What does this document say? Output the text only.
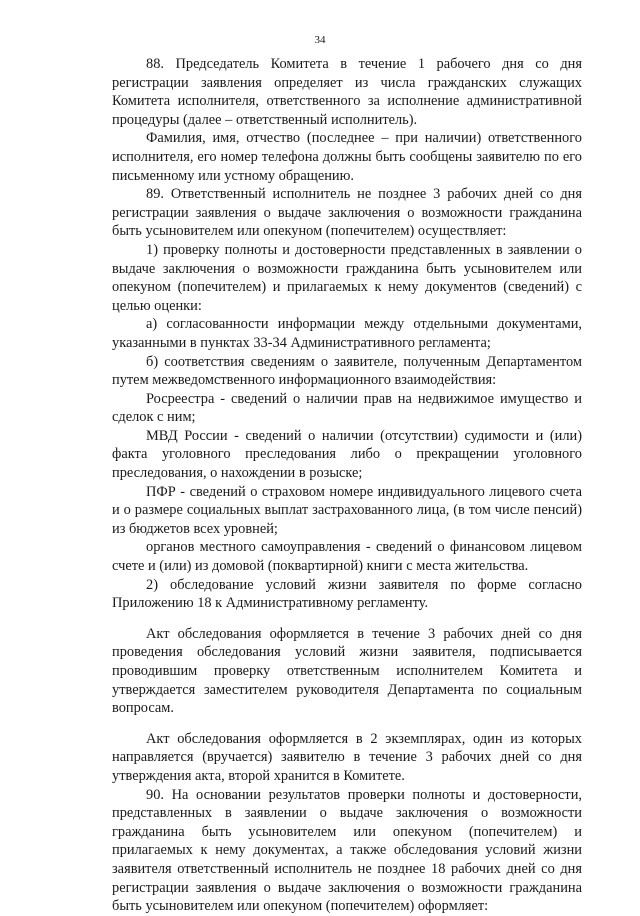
34

88. Председатель Комитета в течение 1 рабочего дня со дня регистрации заявления определяет из числа гражданских служащих Комитета исполнителя, ответственного за исполнение административной процедуры (далее – ответственный исполнитель).

Фамилия, имя, отчество (последнее – при наличии) ответственного исполнителя, его номер телефона должны быть сообщены заявителю по его письменному или устному обращению.

89. Ответственный исполнитель не позднее 3 рабочих дней со дня регистрации заявления о выдаче заключения о возможности гражданина быть усыновителем или опекуном (попечителем) осуществляет:

1) проверку полноты и достоверности представленных в заявлении о выдаче заключения о возможности гражданина быть усыновителем или опекуном (попечителем) и прилагаемых к нему документов (сведений) с целью оценки:

а) согласованности информации между отдельными документами, указанными в пунктах 33-34 Административного регламента;

б) соответствия сведениям о заявителе, полученным Департаментом путем межведомственного информационного взаимодействия:

Росреестра - сведений о наличии прав на недвижимое имущество и сделок с ним;

МВД России - сведений о наличии (отсутствии) судимости и (или) факта уголовного преследования либо о прекращении уголовного преследования, о нахождении в розыске;

ПФР - сведений о страховом номере индивидуального лицевого счета и о размере социальных выплат застрахованного лица, (в том числе пенсий) из бюджетов всех уровней;

органов местного самоуправления - сведений о финансовом лицевом счете и (или) из домовой (поквартирной) книги с места жительства.

2) обследование условий жизни заявителя по форме согласно Приложению 18 к Административному регламенту.

Акт обследования оформляется в течение 3 рабочих дней со дня проведения обследования условий жизни заявителя, подписывается проводившим проверку ответственным исполнителем Комитета и утверждается заместителем руководителя Департамента по социальным вопросам.

Акт обследования оформляется в 2 экземплярах, один из которых направляется (вручается) заявителю в течение 3 рабочих дней со дня утверждения акта, второй хранится в Комитете.

90. На основании результатов проверки полноты и достоверности, представленных в заявлении о выдаче заключения о возможности гражданина быть усыновителем или опекуном (попечителем) и прилагаемых к нему документах, а также обследования условий жизни заявителя ответственный исполнитель не позднее 18 рабочих дней со дня регистрации заявления о выдаче заключения о возможности гражданина быть усыновителем или опекуном (попечителем) оформляет:
